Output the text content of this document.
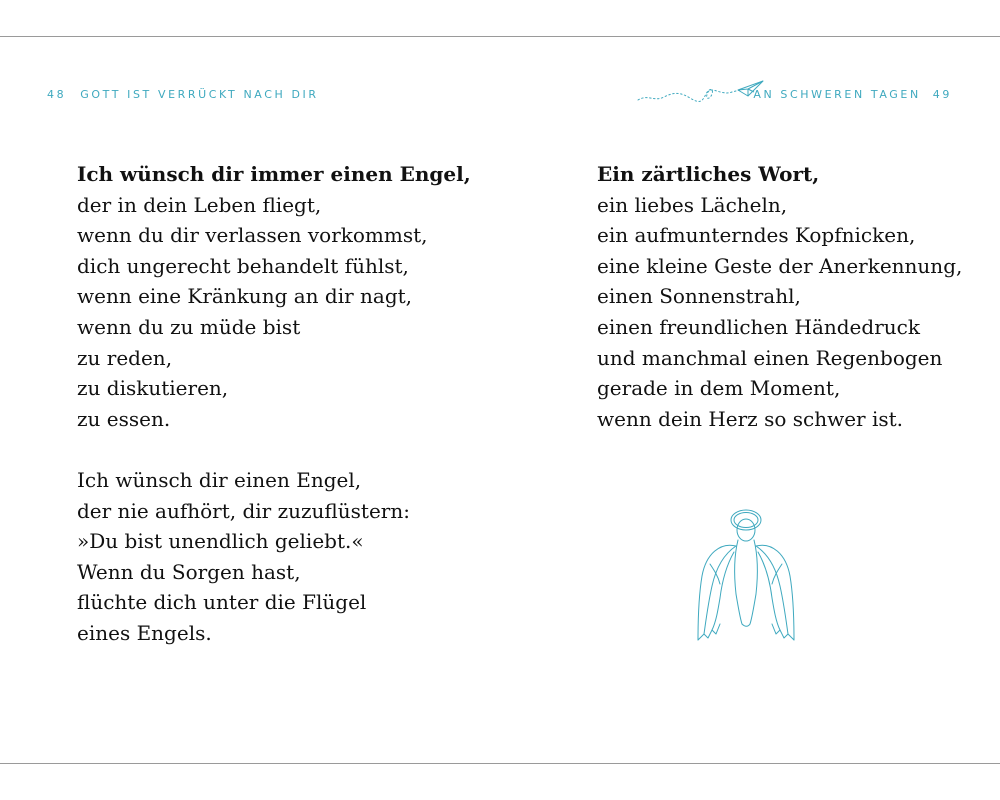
48 GOTT IST VERRÜCKT NACH DIR	AN SCHWEREN TAGEN 49
Ich wünsch dir immer einen Engel,
der in dein Leben fliegt,
wenn du dir verlassen vorkommst,
dich ungerecht behandelt fühlst,
wenn eine Kränkung an dir nagt,
wenn du zu müde bist
zu reden,
zu diskutieren,
zu essen.
Ich wünsch dir einen Engel,
der nie aufhört, dir zuzuflüstern:
»Du bist unendlich geliebt.«
Wenn du Sorgen hast,
flüchte dich unter die Flügel
eines Engels.
Ein zärtliches Wort,
ein liebes Lächeln,
ein aufmunterndes Kopfnicken,
eine kleine Geste der Anerkennung,
einen Sonnenstrahl,
einen freundlichen Händedruck
und manchmal einen Regenbogen
gerade in dem Moment,
wenn dein Herz so schwer ist.
